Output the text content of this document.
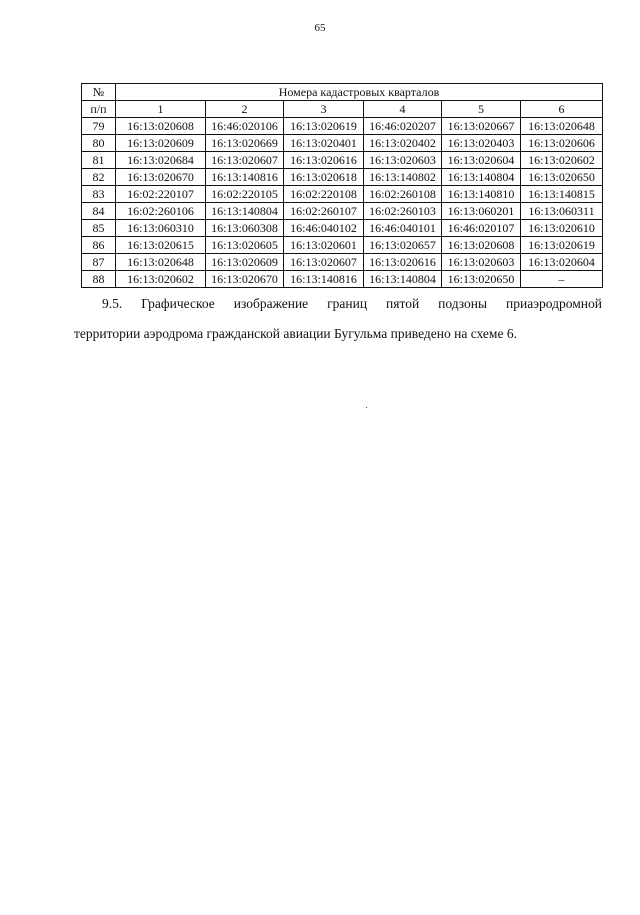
65
№	Номера кадастровых кварталов					
п/п	1	2	3	4	5	6
79	16:13:020608	16:46:020106	16:13:020619	16:46:020207	16:13:020667	16:13:020648
80	16:13:020609	16:13:020669	16:13:020401	16:13:020402	16:13:020403	16:13:020606
81	16:13:020684	16:13:020607	16:13:020616	16:13:020603	16:13:020604	16:13:020602
82	16:13:020670	16:13:140816	16:13:020618	16:13:140802	16:13:140804	16:13:020650
83	16:02:220107	16:02:220105	16:02:220108	16:02:260108	16:13:140810	16:13:140815
84	16:02:260106	16:13:140804	16:02:260107	16:02:260103	16:13:060201	16:13:060311
85	16:13:060310	16:13:060308	16:46:040102	16:46:040101	16:46:020107	16:13:020610
86	16:13:020615	16:13:020605	16:13:020601	16:13:020657	16:13:020608	16:13:020619
87	16:13:020648	16:13:020609	16:13:020607	16:13:020616	16:13:020603	16:13:020604
88	16:13:020602	16:13:020670	16:13:140816	16:13:140804	16:13:020650	–
9.5. Графическое изображение границ пятой подзоны приаэродромной
территории аэродрома гражданской авиации Бугульма приведено на схеме 6.
